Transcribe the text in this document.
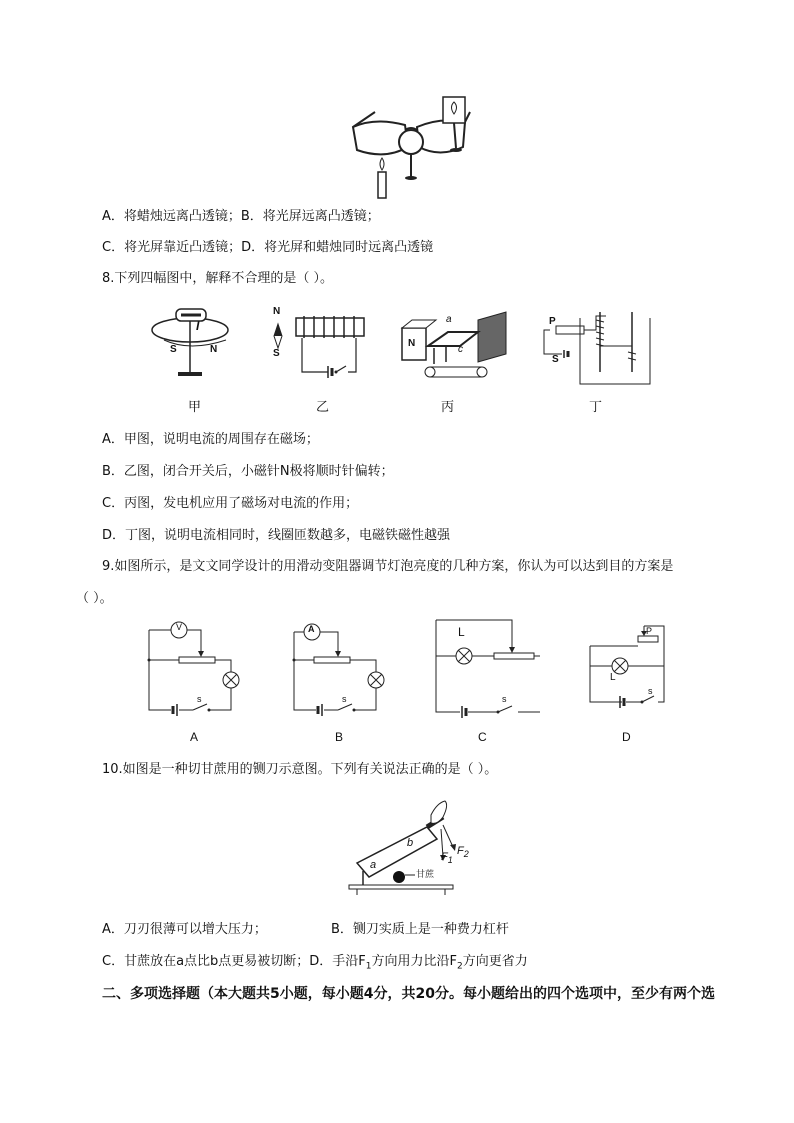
A．将蜡烛远离凸透镜；B．将光屏远离凸透镜；
C．将光屏靠近凸透镜；D．将光屏和蜡烛同时远离凸透镜
8.下列四幅图中，解释不合理的是（ ）。
I
S	N
N
S
N
a
c
P
S
甲	乙	丙	丁
A．甲图，说明电流的周围存在磁场；
B．乙图，闭合开关后，小磁针N极将顺时针偏转；
C．丙图，发电机应用了磁场对电流的作用；
D．丁图，说明电流相同时，线圈匝数越多，电磁铁磁性越强
9.如图所示，是文文同学设计的用滑动变阻器调节灯泡亮度的几种方案，你认为可以达到目的方案是
（ ）。
V
s
A
s
L
s
P
L
s
A	B	C	D
10.如图是一种切甘蔗用的铡刀示意图。下列有关说法正确的是（ ）。
a
b
甘蔗
$F_1$
$F_2$
A．刀刃很薄可以增大压力；	B．铡刀实质上是一种费力杠杆
C．甘蔗放在a点比b点更易被切断；D．手沿$F_1$方向用力比沿$F_2$方向更省力
二、多项选择题（本大题共5小题，每小题4分，共20分。每小题给出的四个选项中，至少有两个选
